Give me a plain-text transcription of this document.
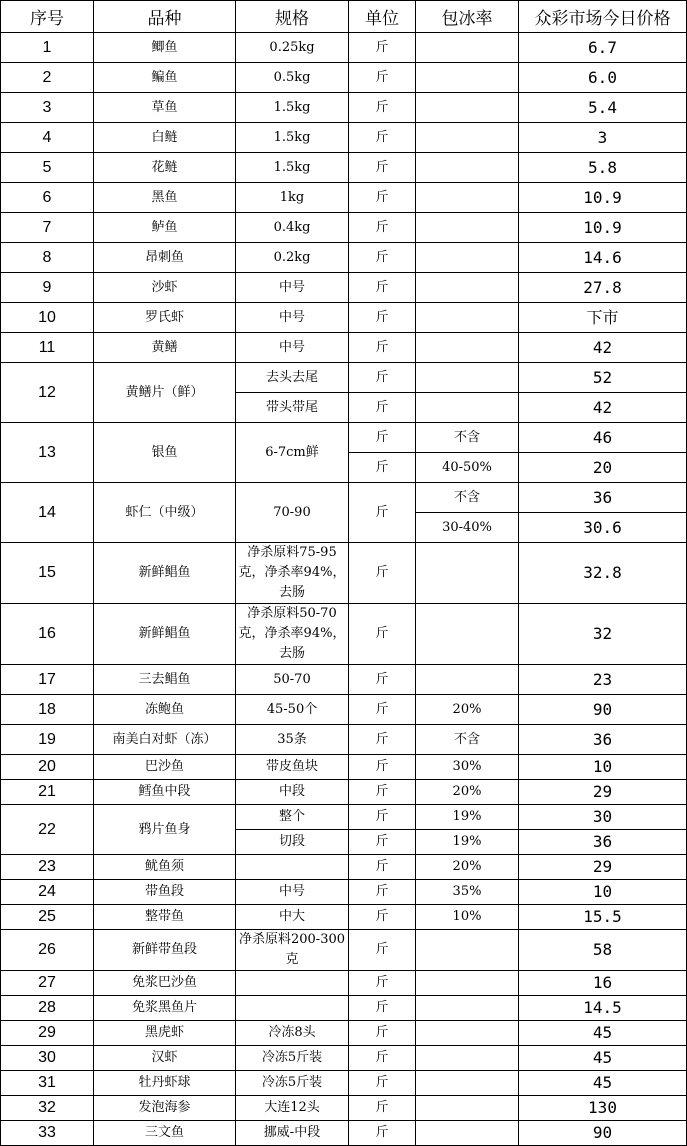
序号	品种	规格	单位	包冰率	众彩市场今日价格
1	鲫鱼	0.25kg	斤		6.7
2	鳊鱼	0.5kg	斤		6.0
3	草鱼	1.5kg	斤		5.4
4	白鲢	1.5kg	斤		3
5	花鲢	1.5kg	斤		5.8
6	黑鱼	1kg	斤		10.9
7	鲈鱼	0.4kg	斤		10.9
8	昂刺鱼	0.2kg	斤		14.6
9	沙虾	中号	斤		27.8
10	罗氏虾	中号	斤		下市
11	黄鳝	中号	斤		42
12	黄鳝片（鲜）	去头去尾	斤		52
		带头带尾	斤		42
13	银鱼	6-7cm鲜	斤	不含	46
			斤	40-50%	20
14	虾仁（中级）	70-90	斤	不含	36
				30-40%	30.6
15	新鲜鲳鱼	净杀原料75-95克，净杀率94%，去肠	斤		32.8
16	新鲜鲳鱼	净杀原料50-70克，净杀率94%，去肠	斤		32
17	三去鲳鱼	50-70	斤		23
18	冻鲍鱼	45-50个	斤	20%	90
19	南美白对虾（冻）	35条	斤	不含	36
20	巴沙鱼	带皮鱼块	斤	30%	10
21	鳕鱼中段	中段	斤	20%	29
22	鸦片鱼身	整个	斤	19%	30
		切段	斤	19%	36
23	鱿鱼须		斤	20%	29
24	带鱼段	中号	斤	35%	10
25	整带鱼	中大	斤	10%	15.5
26	新鲜带鱼段	净杀原料200-300克	斤		58
27	免浆巴沙鱼		斤		16
28	免浆黑鱼片		斤		14.5
29	黑虎虾	冷冻8头	斤		45
30	汉虾	冷冻5斤装	斤		45
31	牡丹虾球	冷冻5斤装	斤		45
32	发泡海参	大连12头	斤		130
33	三文鱼	挪威-中段	斤		90
